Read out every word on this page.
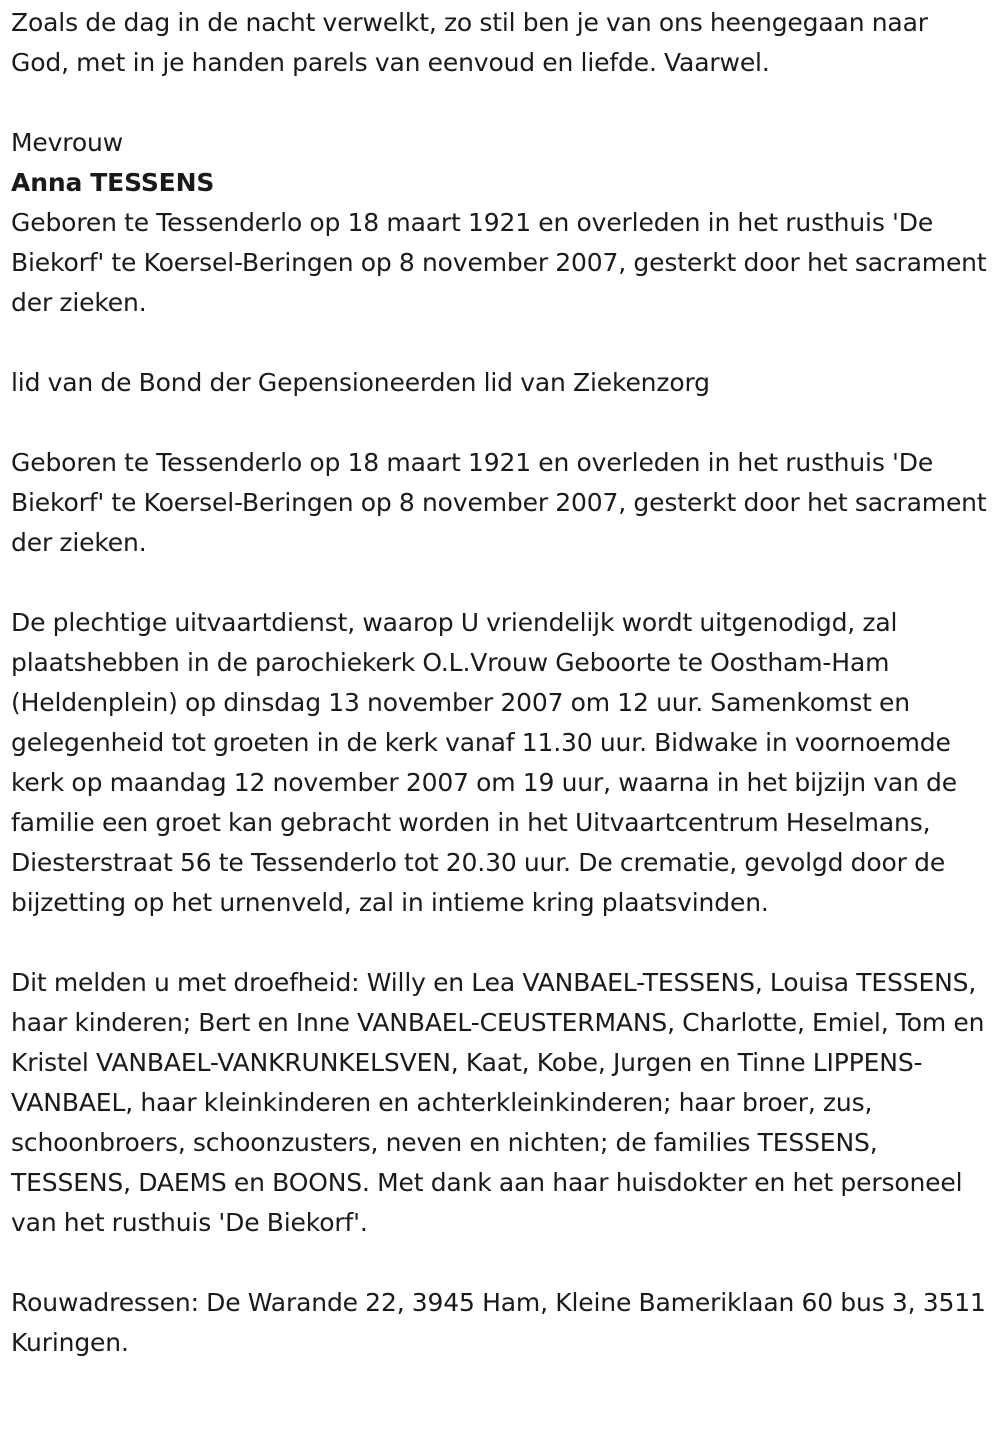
Zoals de dag in de nacht verwelkt, zo stil ben je van ons heengegaan naar God, met in je handen parels van eenvoud en liefde. Vaarwel.

Mevrouw

Anna TESSENS

Geboren te Tessenderlo op 18 maart 1921 en overleden in het rusthuis 'De Biekorf' te Koersel-Beringen op 8 november 2007, gesterkt door het sacrament der zieken.

lid van de Bond der Gepensioneerden lid van Ziekenzorg

Geboren te Tessenderlo op 18 maart 1921 en overleden in het rusthuis 'De Biekorf' te Koersel-Beringen op 8 november 2007, gesterkt door het sacrament der zieken.

De plechtige uitvaartdienst, waarop U vriendelijk wordt uitgenodigd, zal plaatshebben in de parochiekerk O.L.Vrouw Geboorte te Oostham-Ham (Heldenplein) op dinsdag 13 november 2007 om 12 uur. Samenkomst en gelegenheid tot groeten in de kerk vanaf 11.30 uur. Bidwake in voornoemde kerk op maandag 12 november 2007 om 19 uur, waarna in het bijzijn van de familie een groet kan gebracht worden in het Uitvaartcentrum Heselmans, Diesterstraat 56 te Tessenderlo tot 20.30 uur. De crematie, gevolgd door de bijzetting op het urnenveld, zal in intieme kring plaatsvinden.

Dit melden u met droefheid: Willy en Lea VANBAEL-TESSENS, Louisa TESSENS, haar kinderen; Bert en Inne VANBAEL-CEUSTERMANS, Charlotte, Emiel, Tom en Kristel VANBAEL-VANKRUNKELSVEN, Kaat, Kobe, Jurgen en Tinne LIPPENS-VANBAEL, haar kleinkinderen en achterkleinkinderen; haar broer, zus, schoonbroers, schoonzusters, neven en nichten; de families TESSENS, TESSENS, DAEMS en BOONS. Met dank aan haar huisdokter en het personeel van het rusthuis 'De Biekorf'.

Rouwadressen: De Warande 22, 3945 Ham, Kleine Bameriklaan 60 bus 3, 3511 Kuringen.
